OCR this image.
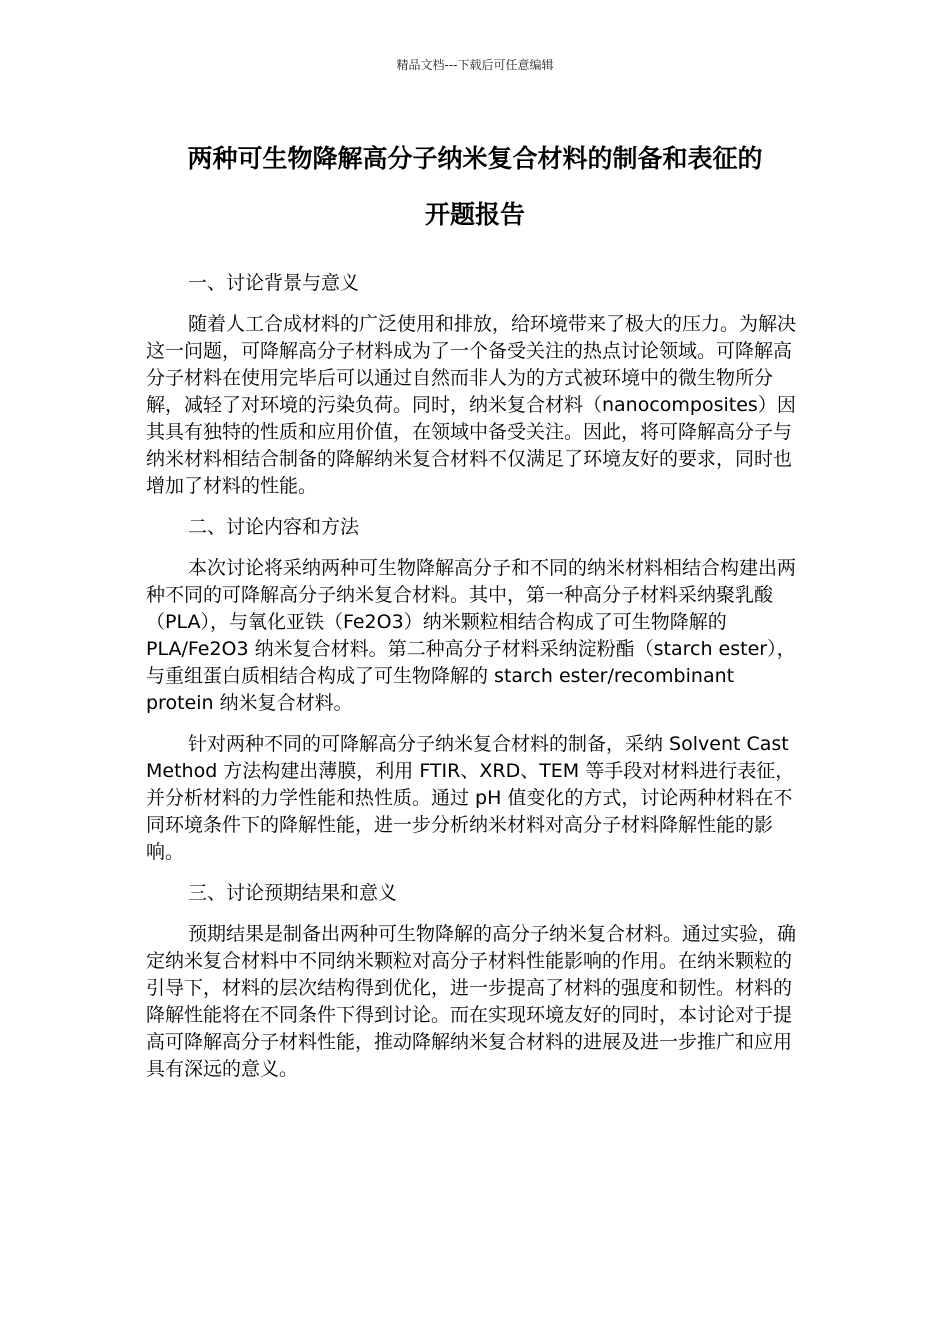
精品文档---下载后可任意编辑
两种可生物降解高分子纳米复合材料的制备和表征的
开题报告

一、讨论背景与意义

随着人工合成材料的广泛使用和排放，给环境带来了极大的压力。为解决这一问题，可降解高分子材料成为了一个备受关注的热点讨论领域。可降解高分子材料在使用完毕后可以通过自然而非人为的方式被环境中的微生物所分解，减轻了对环境的污染负荷。同时，纳米复合材料（nanocomposites）因其具有独特的性质和应用价值，在领域中备受关注。因此，将可降解高分子与纳米材料相结合制备的降解纳米复合材料不仅满足了环境友好的要求，同时也增加了材料的性能。

二、讨论内容和方法

本次讨论将采纳两种可生物降解高分子和不同的纳米材料相结合构建出两种不同的可降解高分子纳米复合材料。其中，第一种高分子材料采纳聚乳酸（PLA），与氧化亚铁（Fe2O3）纳米颗粒相结合构成了可生物降解的 PLA/Fe2O3 纳米复合材料。第二种高分子材料采纳淀粉酯（starch ester），与重组蛋白质相结合构成了可生物降解的 starch ester/recombinant protein 纳米复合材料。

针对两种不同的可降解高分子纳米复合材料的制备，采纳 Solvent Cast Method 方法构建出薄膜，利用 FTIR、XRD、TEM 等手段对材料进行表征，并分析材料的力学性能和热性质。通过 pH 值变化的方式，讨论两种材料在不同环境条件下的降解性能，进一步分析纳米材料对高分子材料降解性能的影响。

三、讨论预期结果和意义

预期结果是制备出两种可生物降解的高分子纳米复合材料。通过实验，确定纳米复合材料中不同纳米颗粒对高分子材料性能影响的作用。在纳米颗粒的引导下，材料的层次结构得到优化，进一步提高了材料的强度和韧性。材料的降解性能将在不同条件下得到讨论。而在实现环境友好的同时，本讨论对于提高可降解高分子材料性能，推动降解纳米复合材料的进展及进一步推广和应用具有深远的意义。
